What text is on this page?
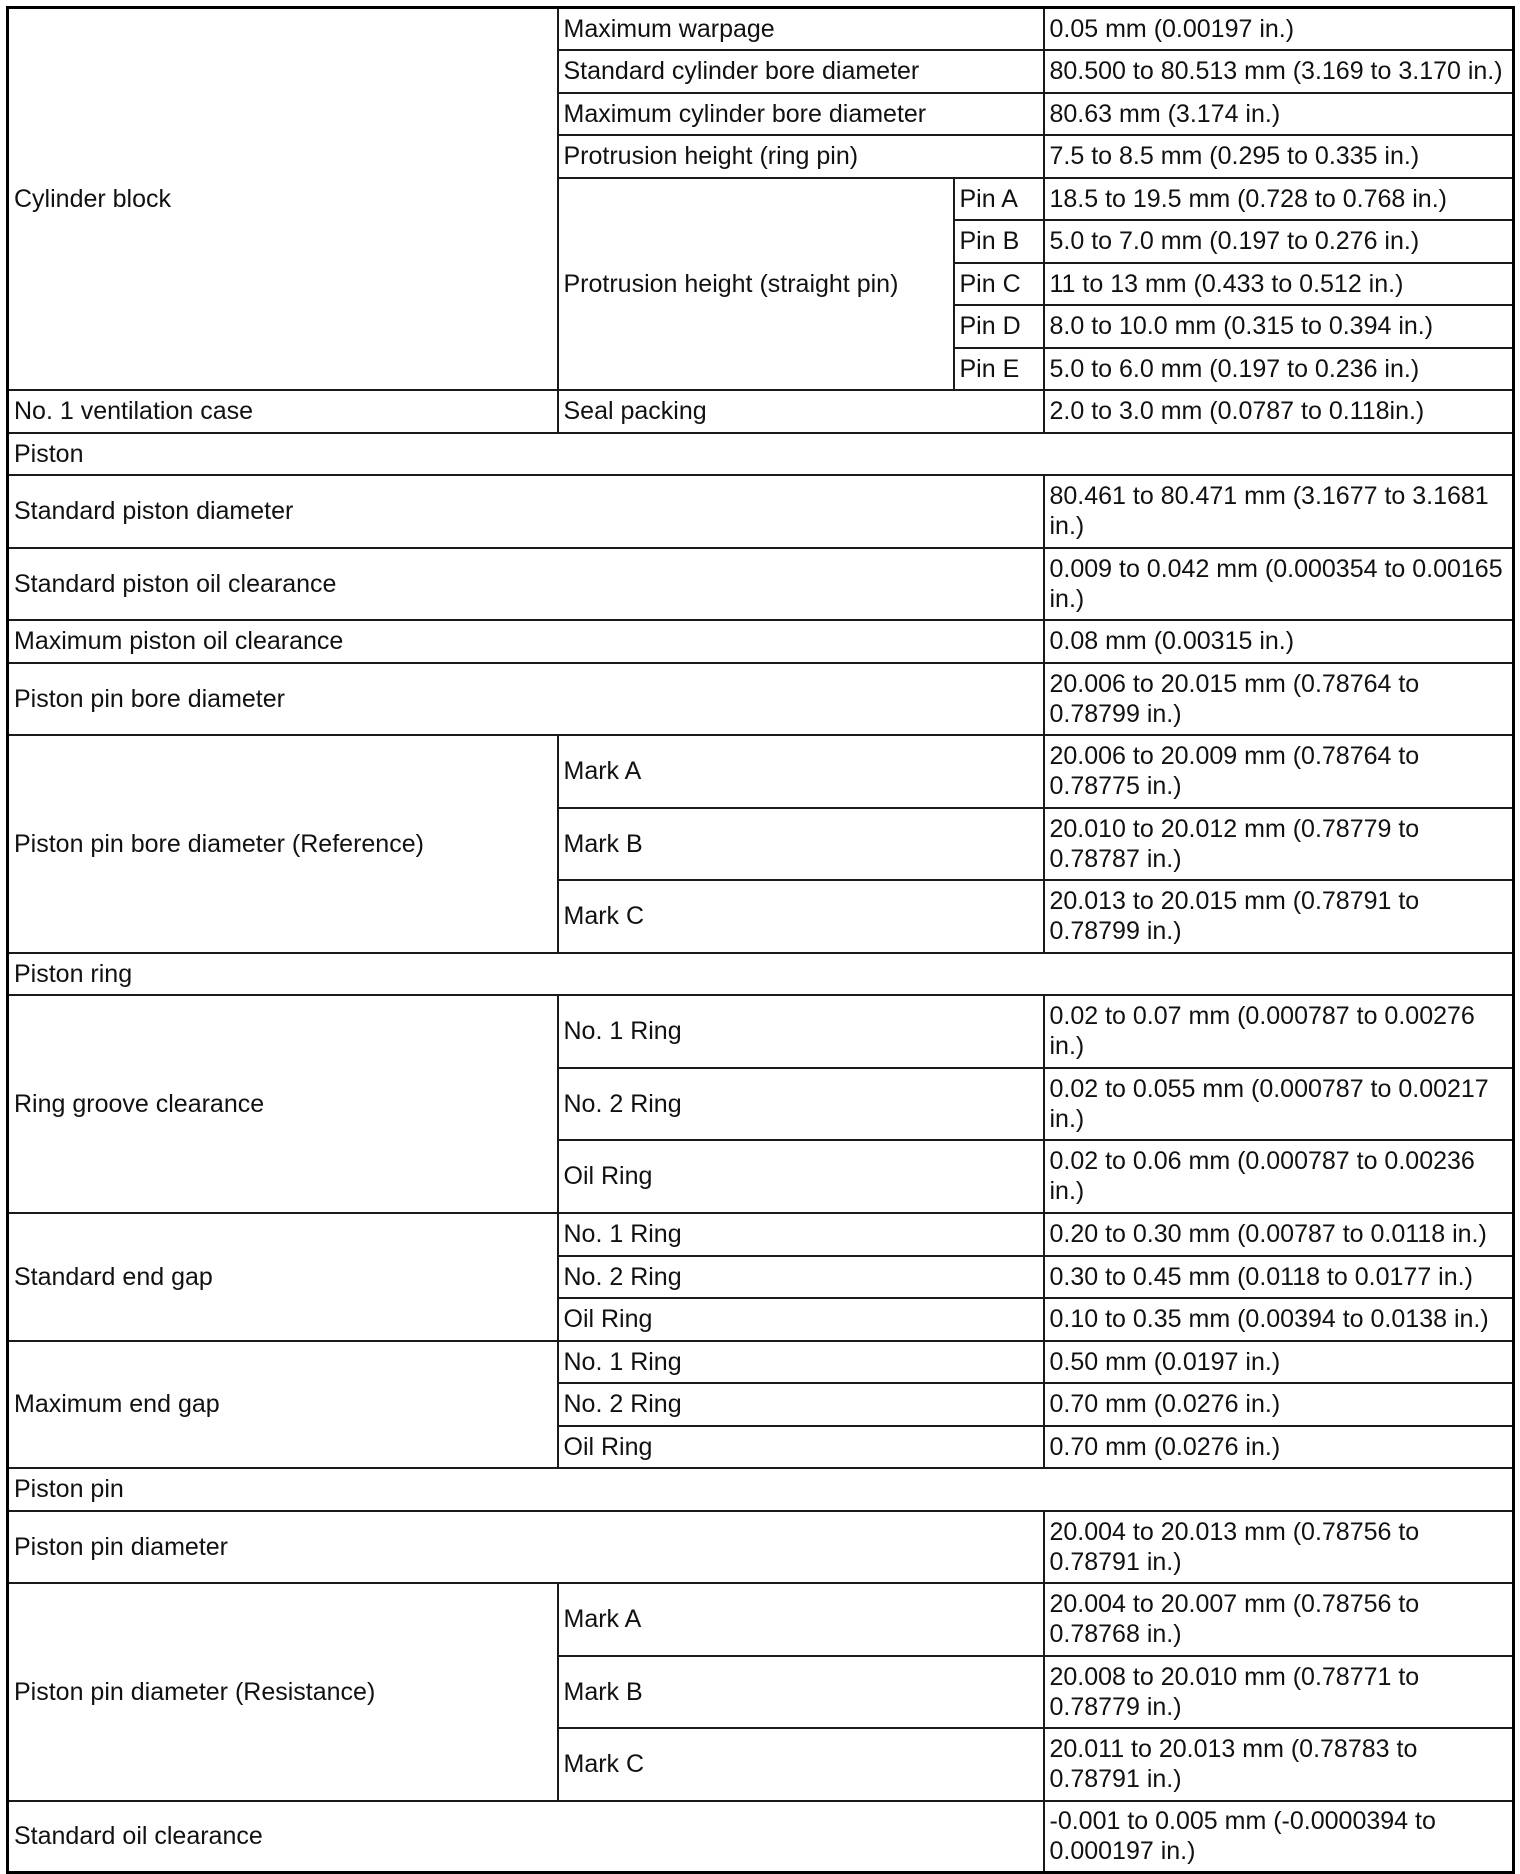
Cylinder block	Maximum warpage		0.05 mm (0.00197 in.)
	Standard cylinder bore diameter		80.500 to 80.513 mm (3.169 to 3.170 in.)
	Maximum cylinder bore diameter		80.63 mm (3.174 in.)
	Protrusion height (ring pin)		7.5 to 8.5 mm (0.295 to 0.335 in.)
	Protrusion height (straight pin)	Pin A	18.5 to 19.5 mm (0.728 to 0.768 in.)
		Pin B	5.0 to 7.0 mm (0.197 to 0.276 in.)
		Pin C	11 to 13 mm (0.433 to 0.512 in.)
		Pin D	8.0 to 10.0 mm (0.315 to 0.394 in.)
		Pin E	5.0 to 6.0 mm (0.197 to 0.236 in.)
No. 1 ventilation case	Seal packing		2.0 to 3.0 mm (0.0787 to 0.118in.)
Piston			
Standard piston diameter			80.461 to 80.471 mm (3.1677 to 3.1681 in.)
Standard piston oil clearance			0.009 to 0.042 mm (0.000354 to 0.00165 in.)
Maximum piston oil clearance			0.08 mm (0.00315 in.)
Piston pin bore diameter			20.006 to 20.015 mm (0.78764 to 0.78799 in.)
Piston pin bore diameter (Reference)	Mark A		20.006 to 20.009 mm (0.78764 to 0.78775 in.)
	Mark B		20.010 to 20.012 mm (0.78779 to 0.78787 in.)
	Mark C		20.013 to 20.015 mm (0.78791 to 0.78799 in.)
Piston ring			
Ring groove clearance	No. 1 Ring		0.02 to 0.07 mm (0.000787 to 0.00276 in.)
	No. 2 Ring		0.02 to 0.055 mm (0.000787 to 0.00217 in.)
	Oil Ring		0.02 to 0.06 mm (0.000787 to 0.00236 in.)
Standard end gap	No. 1 Ring		0.20 to 0.30 mm (0.00787 to 0.0118 in.)
	No. 2 Ring		0.30 to 0.45 mm (0.0118 to 0.0177 in.)
	Oil Ring		0.10 to 0.35 mm (0.00394 to 0.0138 in.)
Maximum end gap	No. 1 Ring		0.50 mm (0.0197 in.)
	No. 2 Ring		0.70 mm (0.0276 in.)
	Oil Ring		0.70 mm (0.0276 in.)
Piston pin			
Piston pin diameter			20.004 to 20.013 mm (0.78756 to 0.78791 in.)
Piston pin diameter (Resistance)	Mark A		20.004 to 20.007 mm (0.78756 to 0.78768 in.)
	Mark B		20.008 to 20.010 mm (0.78771 to 0.78779 in.)
	Mark C		20.011 to 20.013 mm (0.78783 to 0.78791 in.)
Standard oil clearance			-0.001 to 0.005 mm (-0.0000394 to 0.000197 in.)
